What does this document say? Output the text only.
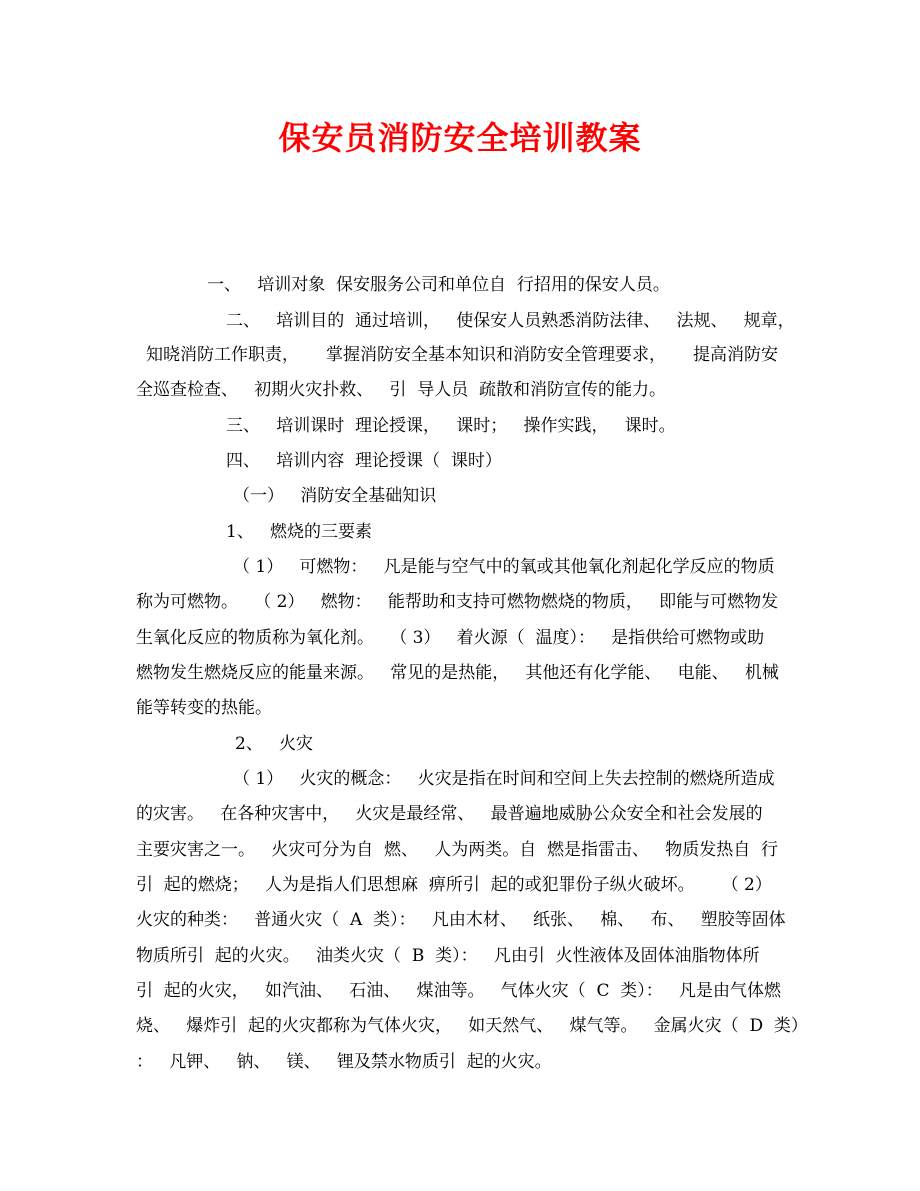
保安员消防安全培训教案
一、   培训对象  保安服务公司和单位自  行招用的保安人员。
二、   培训目的  通过培训，   使保安人员熟悉消防法律、   法规、   规章，
知晓消防工作职责，     掌握消防安全基本知识和消防安全管理要求，     提高消防安
全巡查检查、   初期火灾扑救、   引  导人员  疏散和消防宣传的能力。
三、   培训课时  理论授课，   课时；   操作实践，   课时。
四、   培训内容  理论授课（  课时）
（一）   消防安全基础知识
1、   燃烧的三要素
（ 1）   可燃物：   凡是能与空气中的氧或其他氧化剂起化学反应的物质
称为可燃物。   （ 2）   燃物：   能帮助和支持可燃物燃烧的物质，   即能与可燃物发
生氧化反应的物质称为氧化剂。   （ 3）   着火源（  温度）：   是指供给可燃物或助
燃物发生燃烧反应的能量来源。   常见的是热能，   其他还有化学能、   电能、   机械
能等转变的热能。
2、   火灾
（ 1）   火灾的概念：   火灾是指在时间和空间上失去控制的燃烧所造成
的灾害。   在各种灾害中，   火灾是最经常、   最普遍地威胁公众安全和社会发展的
主要灾害之一。   火灾可分为自  燃、   人为两类。自  燃是指雷击、   物质发热自  行
引  起的燃烧；   人为是指人们思想麻  痹所引  起的或犯罪份子纵火破坏。     （ 2）
火灾的种类：   普通火灾（  A  类）：   凡由木材、   纸张、   棉、   布、   塑胶等固体
物质所引  起的火灾。   油类火灾（  B  类）：   凡由引  火性液体及固体油脂物体所
引  起的火灾，   如汽油、   石油、   煤油等。   气体火灾（  C  类）：   凡是由气体燃
烧、   爆炸引  起的火灾都称为气体火灾，   如天然气、   煤气等。   金属火灾（  D  类）
：   凡钾、   钠、   镁、   锂及禁水物质引  起的火灾。
